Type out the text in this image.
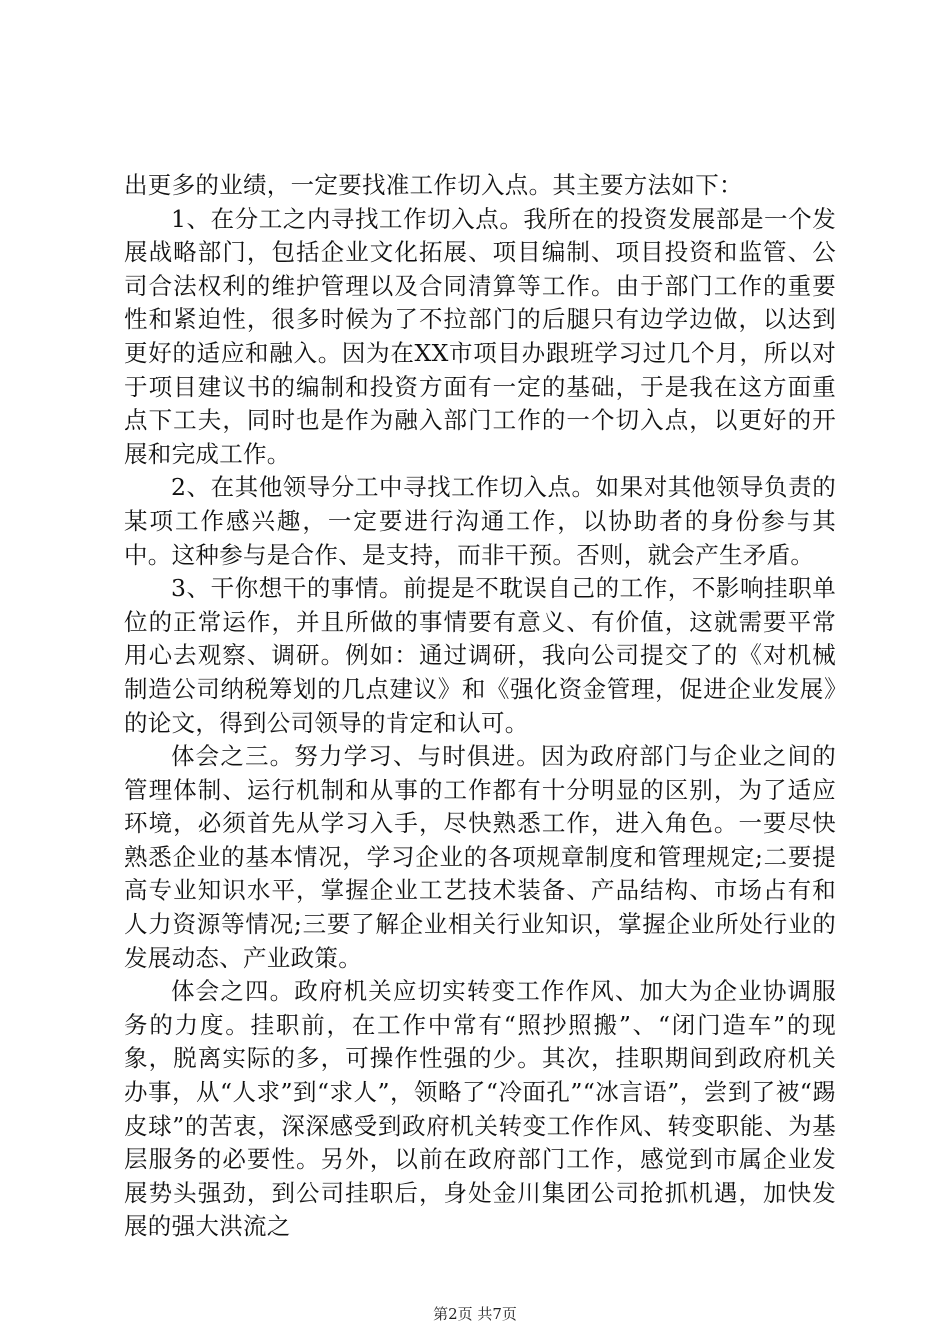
出更多的业绩，一定要找准工作切入点。其主要方法如下：

1、在分工之内寻找工作切入点。我所在的投资发展部是一个发展战略部门，包括企业文化拓展、项目编制、项目投资和监管、公司合法权利的维护管理以及合同清算等工作。由于部门工作的重要性和紧迫性，很多时候为了不拉部门的后腿只有边学边做，以达到更好的适应和融入。因为在XX市项目办跟班学习过几个月，所以对于项目建议书的编制和投资方面有一定的基础，于是我在这方面重点下工夫，同时也是作为融入部门工作的一个切入点，以更好的开展和完成工作。

2、在其他领导分工中寻找工作切入点。如果对其他领导负责的某项工作感兴趣，一定要进行沟通工作，以协助者的身份参与其中。这种参与是合作、是支持，而非干预。否则，就会产生矛盾。

3、干你想干的事情。前提是不耽误自己的工作，不影响挂职单位的正常运作，并且所做的事情要有意义、有价值，这就需要平常用心去观察、调研。例如：通过调研，我向公司提交了的《对机械制造公司纳税筹划的几点建议》和《强化资金管理，促进企业发展》的论文，得到公司领导的肯定和认可。

体会之三。努力学习、与时俱进。因为政府部门与企业之间的管理体制、运行机制和从事的工作都有十分明显的区别，为了适应环境，必须首先从学习入手，尽快熟悉工作，进入角色。一要尽快熟悉企业的基本情况，学习企业的各项规章制度和管理规定;二要提高专业知识水平，掌握企业工艺技术装备、产品结构、市场占有和人力资源等情况;三要了解企业相关行业知识，掌握企业所处行业的发展动态、产业政策。

体会之四。政府机关应切实转变工作作风、加大为企业协调服务的力度。挂职前，在工作中常有“照抄照搬”、“闭门造车”的现象，脱离实际的多，可操作性强的少。其次，挂职期间到政府机关办事，从“人求”到“求人”，领略了“冷面孔”“冰言语”，尝到了被“踢皮球”的苦衷，深深感受到政府机关转变工作作风、转变职能、为基层服务的必要性。另外，以前在政府部门工作，感觉到市属企业发展势头强劲，到公司挂职后，身处金川集团公司抢抓机遇，加快发展的强大洪流之

第2页 共7页
